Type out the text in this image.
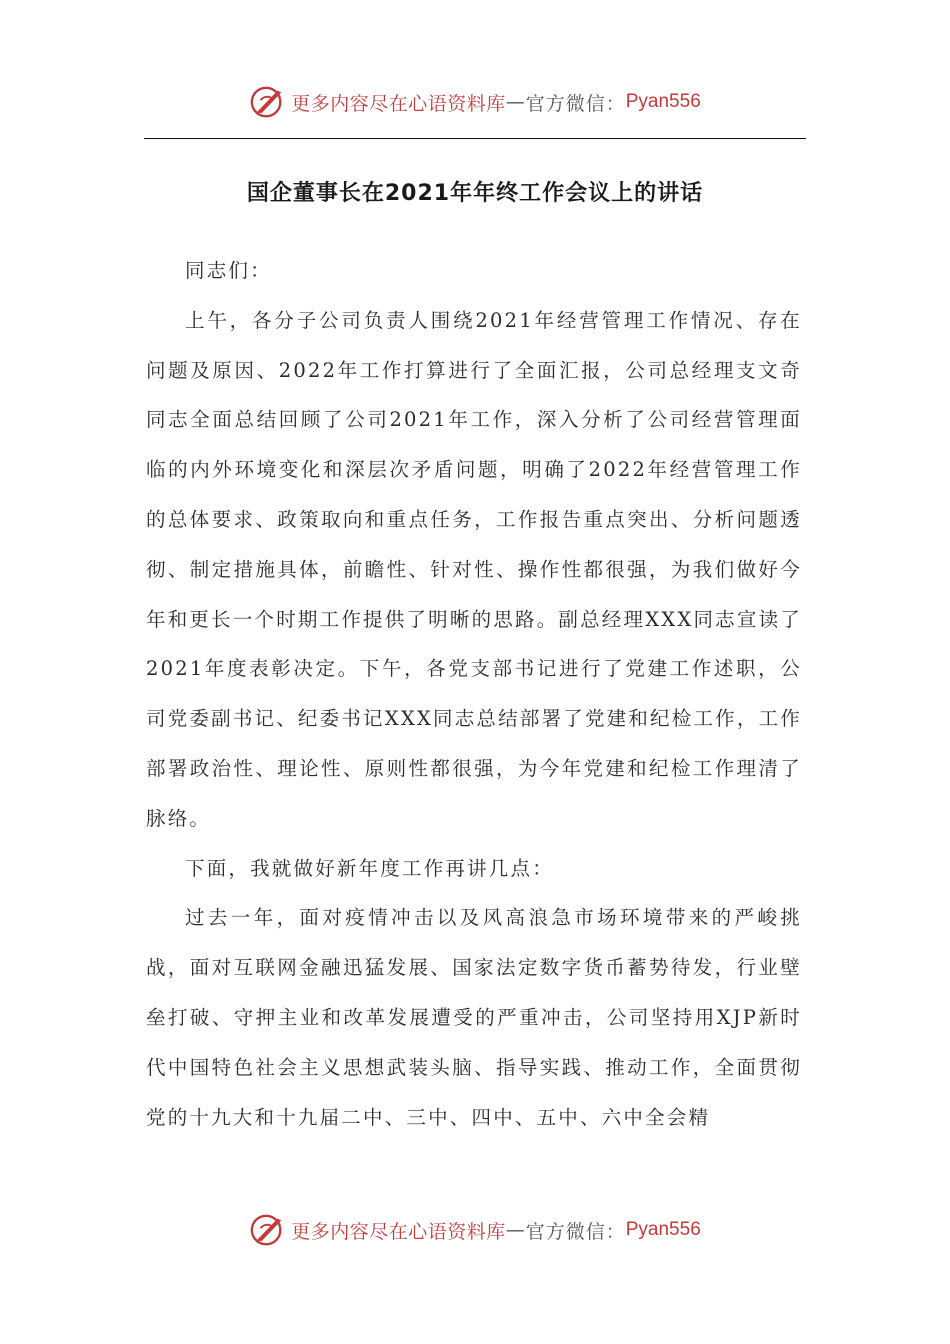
更多内容尽在心语资料库 — 官方微信： Pyan556
国企董事长在2021年年终工作会议上的讲话

同志们：

上午，各分子公司负责人围绕2021年经营管理工作情况、存在问题及原因、2022年工作打算进行了全面汇报，公司总经理支文奇同志全面总结回顾了公司2021年工作，深入分析了公司经营管理面临的内外环境变化和深层次矛盾问题，明确了2022年经营管理工作的总体要求、政策取向和重点任务，工作报告重点突出、分析问题透彻、制定措施具体，前瞻性、针对性、操作性都很强，为我们做好今年和更长一个时期工作提供了明晰的思路。副总经理XXX同志宣读了2021年度表彰决定。下午，各党支部书记进行了党建工作述职，公司党委副书记、纪委书记XXX同志总结部署了党建和纪检工作，工作部署政治性、理论性、原则性都很强，为今年党建和纪检工作理清了脉络。

下面，我就做好新年度工作再讲几点：

过去一年，面对疫情冲击以及风高浪急市场环境带来的严峻挑战，面对互联网金融迅猛发展、国家法定数字货币蓄势待发，行业壁垒打破、守押主业和改革发展遭受的严重冲击，公司坚持用XJP新时代中国特色社会主义思想武装头脑、指导实践、推动工作，全面贯彻党的十九大和十九届二中、三中、四中、五中、六中全会精

更多内容尽在心语资料库 — 官方微信： Pyan556
